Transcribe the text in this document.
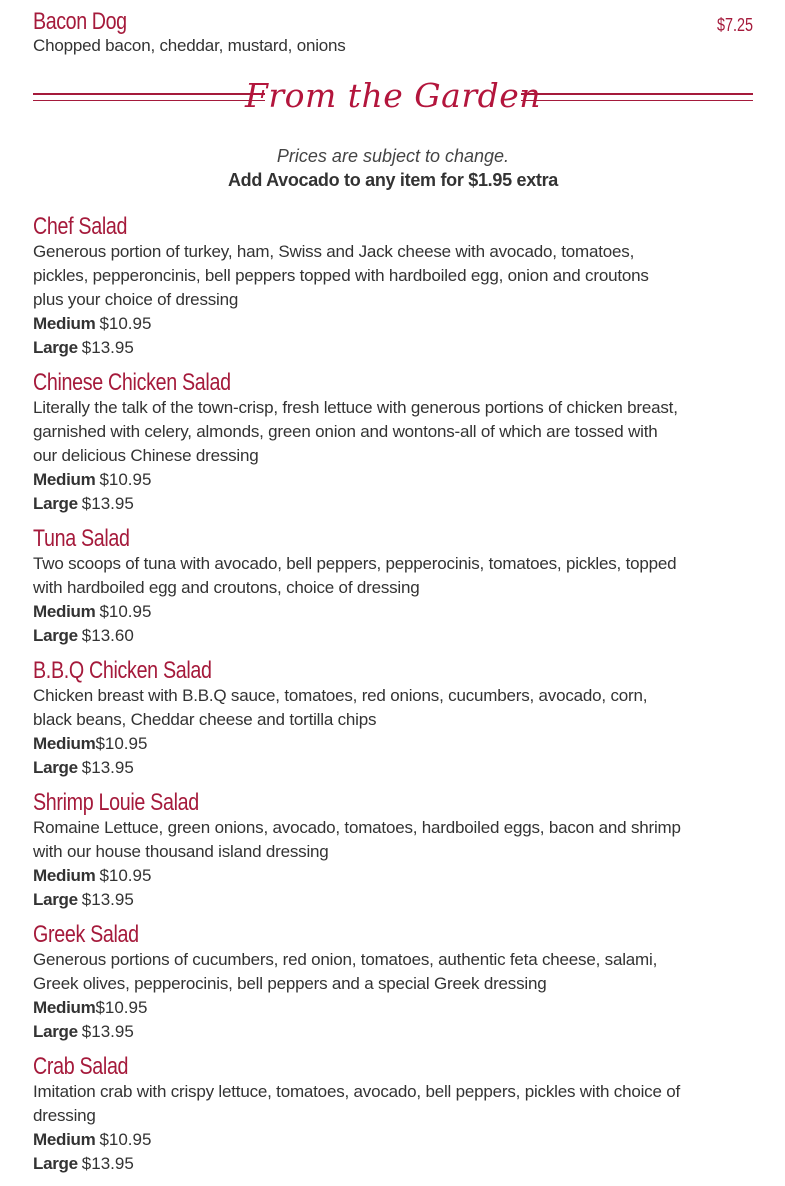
Bacon Dog	$7.25
Chopped bacon, cheddar, mustard, onions
From the Garden
Prices are subject to change.
Add Avocado to any item for $1.95 extra
Chef Salad
Generous portion of turkey, ham, Swiss and Jack cheese with avocado, tomatoes, pickles, pepperoncinis, bell peppers topped with hardboiled egg, onion and croutons plus your choice of dressing
Medium $10.95
Large $13.95
Chinese Chicken Salad
Literally the talk of the town-crisp, fresh lettuce with generous portions of chicken breast, garnished with celery, almonds, green onion and wontons-all of which are tossed with our delicious Chinese dressing
Medium $10.95
Large $13.95
Tuna Salad
Two scoops of tuna with avocado, bell peppers, pepperocinis, tomatoes, pickles, topped with hardboiled egg and croutons, choice of dressing
Medium $10.95
Large $13.60
B.B.Q Chicken Salad
Chicken breast with B.B.Q sauce, tomatoes, red onions, cucumbers, avocado, corn, black beans, Cheddar cheese and tortilla chips
Medium$10.95
Large $13.95
Shrimp Louie Salad
Romaine Lettuce, green onions, avocado, tomatoes, hardboiled eggs, bacon and shrimp with our house thousand island dressing
Medium $10.95
Large $13.95
Greek Salad
Generous portions of cucumbers, red onion, tomatoes, authentic feta cheese, salami, Greek olives, pepperocinis, bell peppers and a special Greek dressing
Medium$10.95
Large $13.95
Crab Salad
Imitation crab with crispy lettuce, tomatoes, avocado, bell peppers, pickles with choice of dressing
Medium $10.95
Large $13.95
